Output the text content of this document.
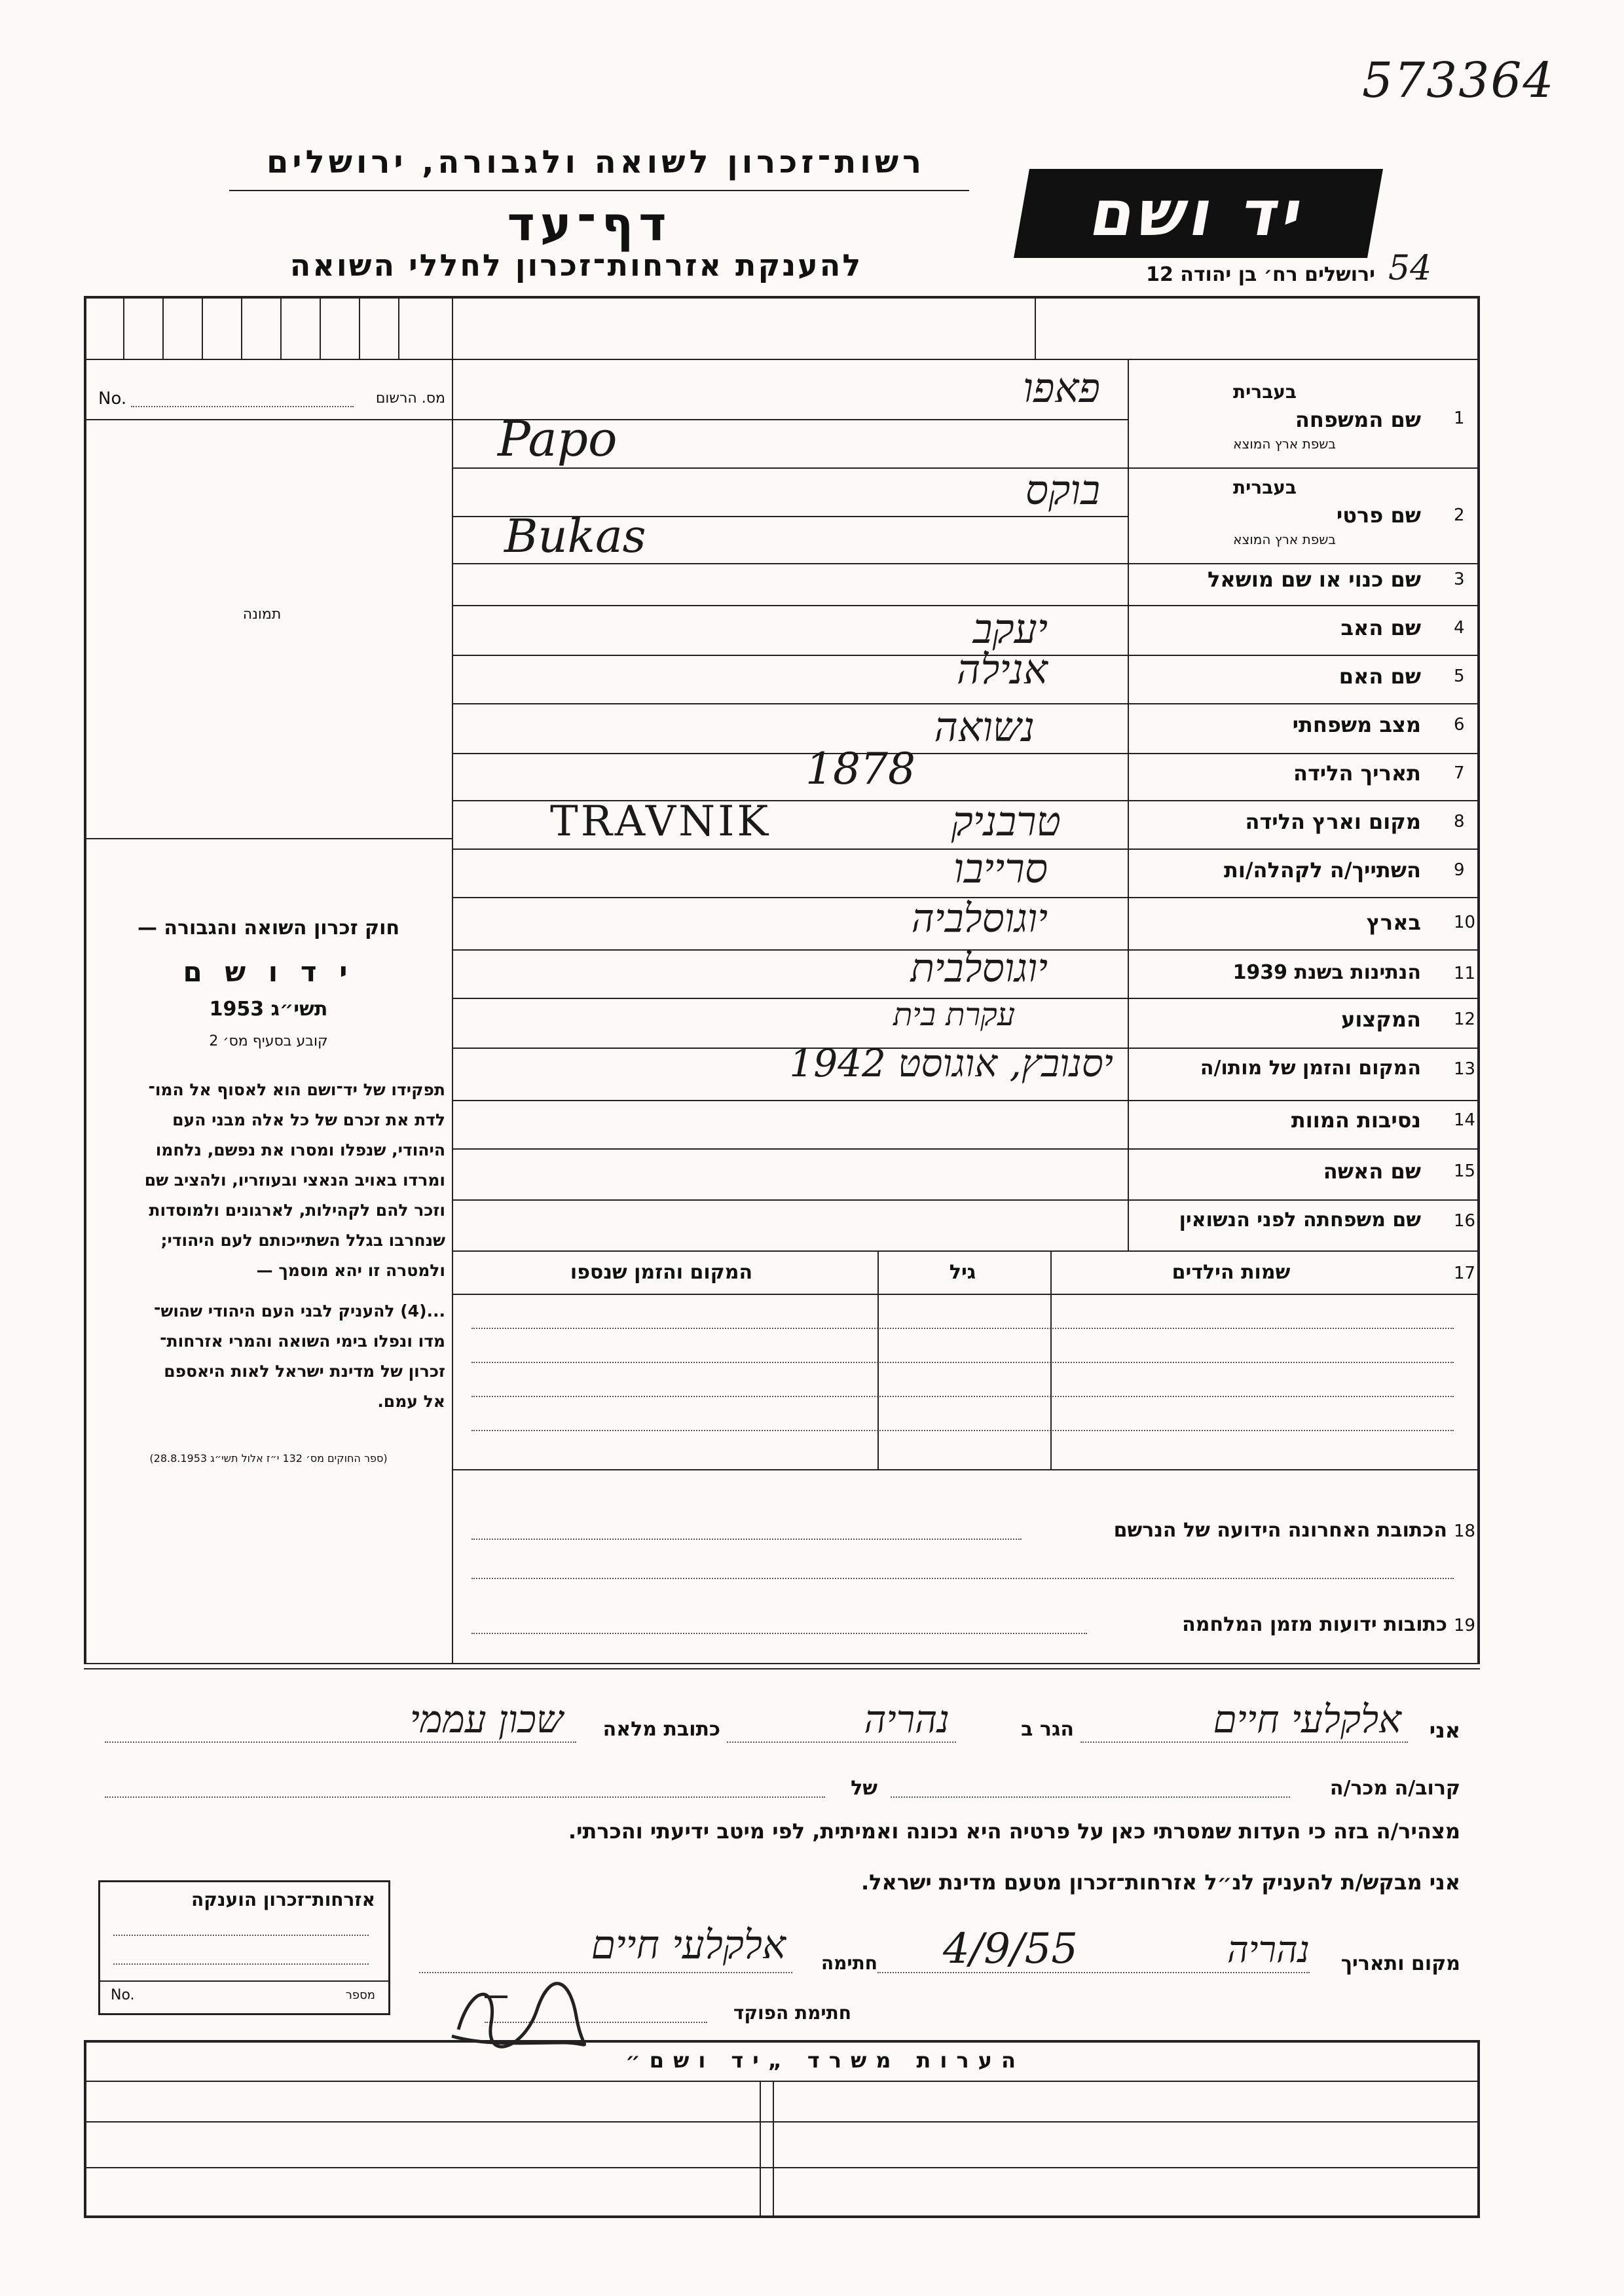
573364
54
רשות־זכרון לשואה ולגבורה, ירושלים
דף־עד
להענקת אזרחות־זכרון לחללי השואה
יד ושם
ירושלים רח׳ בן יהודה 12
No.	מס. הרשום
תמונה
חוק זכרון השואה והגבורה —
י ד ו ש ם
תשי״ג 1953
קובע בסעיף מס׳ 2
תפקידו של יד־ושם הוא לאסוף אל המו־
לדת את זכרם של כל אלה מבני העם
היהודי, שנפלו ומסרו את נפשם, נלחמו
ומרדו באויב הנאצי ובעוזריו, ולהציב שם
וזכר להם לקהילות, לארגונים ולמוסדות
שנחרבו בגלל השתייכותם לעם היהודי;
ולמטרה זו יהא מוסמך —
...(4) להעניק לבני העם היהודי שהוש־
מדו ונפלו בימי השואה והמרי אזרחות־
זכרון של מדינת ישראל לאות היאספם
אל עמם.
(ספר החוקים מס׳ 132 י״ז אלול תשי״ג 28.8.1953)
שם המשפחה 1
בעברית
בשפת ארץ המוצא
פאפו
Papo
שם פרטי 2
בעברית
בשפת ארץ המוצא
בוקס
Bukas
שם כנוי או שם מושאל 3
שם האב 4
יעקב
שם האם 5
אנילה
מצב משפחתי 6
נשואה
תאריך הלידה 7
1878
מקום וארץ הלידה 8
TRAVNIK	טרבניק
השתייך/ה לקהלה/ות 9
סרייבו
בארץ 10
יוגוסלביה
הנתינות בשנת 1939 11
יוגוסלבית
המקצוע 12
עקרת בית
המקום והזמן של מותו/ה 13
יסנובץ, אוגוסט 1942
נסיבות המוות 14
שם האשה 15
שם משפחתה לפני הנשואין 16
שמות הילדים	17
גיל
המקום והזמן שנספו
18
הכתובת האחרונה הידועה של הנרשם
19
כתובות ידועות מזמן המלחמה
אני
אלקלעי חיים
הגר ב
נהריה
כתובת מלאה
שכון עממי
קרוב/ה מכר/ה
של
מצהיר/ה בזה כי העדות שמסרתי כאן על פרטיה היא נכונה ואמיתית, לפי מיטב ידיעתי והכרתי.
אני מבקש/ת להעניק לנ״ל אזרחות־זכרון מטעם מדינת ישראל.
מקום ותאריך
נהריה
4/9/55
חתימה
אלקלעי חיים
חתימת הפוקד
אזרחות־זכרון הוענקה
No.	מספר
הערות משרד „יד ושם״
